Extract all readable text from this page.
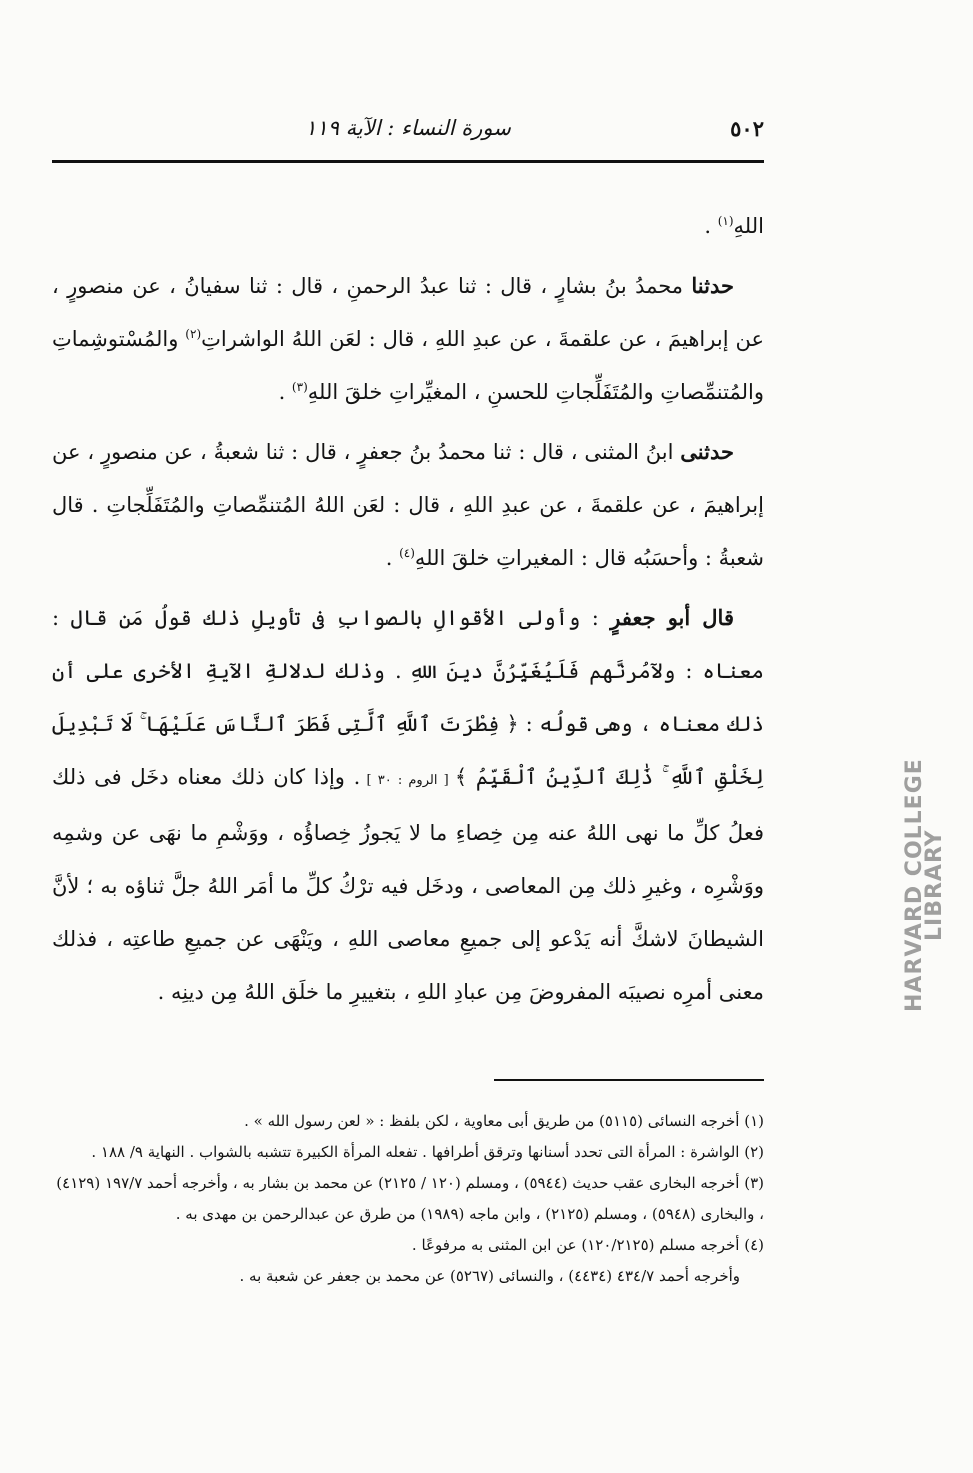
٥٠٢
سورة النساء : الآية ١١٩

اللهِ$^{(١)}$ .

حدثنا محمدُ بنُ بشارٍ ، قال : ثنا عبدُ الرحمنِ ، قال : ثنا سفيانُ ، عن منصورٍ ، عن إبراهيمَ ، عن علقمةَ ، عن عبدِ اللهِ ، قال : لعَن اللهُ الواشراتِ$^{(٢)}$ والمُسْتوشِماتِ والمُتنمِّصاتِ والمُتَفَلِّجاتِ للحسنِ ، المغيِّراتِ خلقَ اللهِ$^{(٣)}$ .

حدثنى ابنُ المثنى ، قال : ثنا محمدُ بنُ جعفرٍ ، قال : ثنا شعبةُ ، عن منصورٍ ، عن إبراهيمَ ، عن علقمةَ ، عن عبدِ اللهِ ، قال : لعَن اللهُ المُتنمِّصاتِ والمُتَفَلِّجاتِ . قال شعبةُ : وأحسَبُه قال : المغيراتِ خلقَ اللهِ$^{(٤)}$ .

قال أبو جعفرٍ : وأولى الأقوالِ بالصوابِ فى تأويلِ ذلك قولُ مَن قال : معناه : ولآمُرنَّهم فَلَيُغَيِّرُنَّ دينَ اللهِ . وذلك لدلالةِ الآيةِ الأخرى على أن ذلك معناه ، وهى قولُه : ﴿ فِطْرَتَ ٱللَّهِ ٱلَّتِى فَطَرَ ٱلنَّاسَ عَلَيْهَا ۚ لَا تَبْدِيلَ لِخَلْقِ ٱللَّهِ ۚ ذَٰلِكَ ٱلدِّينُ ٱلْقَيِّمُ ﴾ [ الروم : ٣٠ ] . وإذا كان ذلك معناه دخَل فى ذلك فعلُ كلِّ ما نهى اللهُ عنه مِن خِصاءِ ما لا يَجوزُ خِصاؤُه ، ووَشْمِ ما نهَى عن وشمِه ووَشْرِه ، وغيرِ ذلك مِن المعاصى ، ودخَل فيه ترْكُ كلِّ ما أمَر اللهُ جلَّ ثناؤه به ؛ لأنَّ الشيطانَ لاشكَّ أنه يَدْعو إلى جميعِ معاصى اللهِ ، ويَنْهَى عن جميعِ طاعتِه ، فذلك معنى أمرِه نصيبَه المفروضَ مِن عبادِ اللهِ ، بتغييرِ ما خلَق اللهُ مِن دينِه .

(١) أخرجه النسائى (٥١١٥) من طريق أبى معاوية ، لكن بلفظ : « لعن رسول الله » .

(٢) الواشرة : المرأة التى تحدد أسنانها وترقق أطرافها . تفعله المرأة الكبيرة تتشبه بالشواب . النهاية ٩/ ١٨٨ .

(٣) أخرجه البخارى عقب حديث (٥٩٤٤) ، ومسلم (١٢٠ / ٢١٢٥) عن محمد بن بشار به ، وأخرجه أحمد ١٩٧/٧ (٤١٢٩) ، والبخارى (٥٩٤٨) ، ومسلم (٢١٢٥) ، وابن ماجه (١٩٨٩) من طرق عن عبدالرحمن بن مهدى به .

(٤) أخرجه مسلم (١٢٠/٢١٢٥) عن ابن المثنى به مرفوعًا .

وأخرجه أحمد ٤٣٤/٧ (٤٤٣٤) ، والنسائى (٥٢٦٧) عن محمد بن جعفر عن شعبة به .

HARVARD COLLEGE LIBRARY
